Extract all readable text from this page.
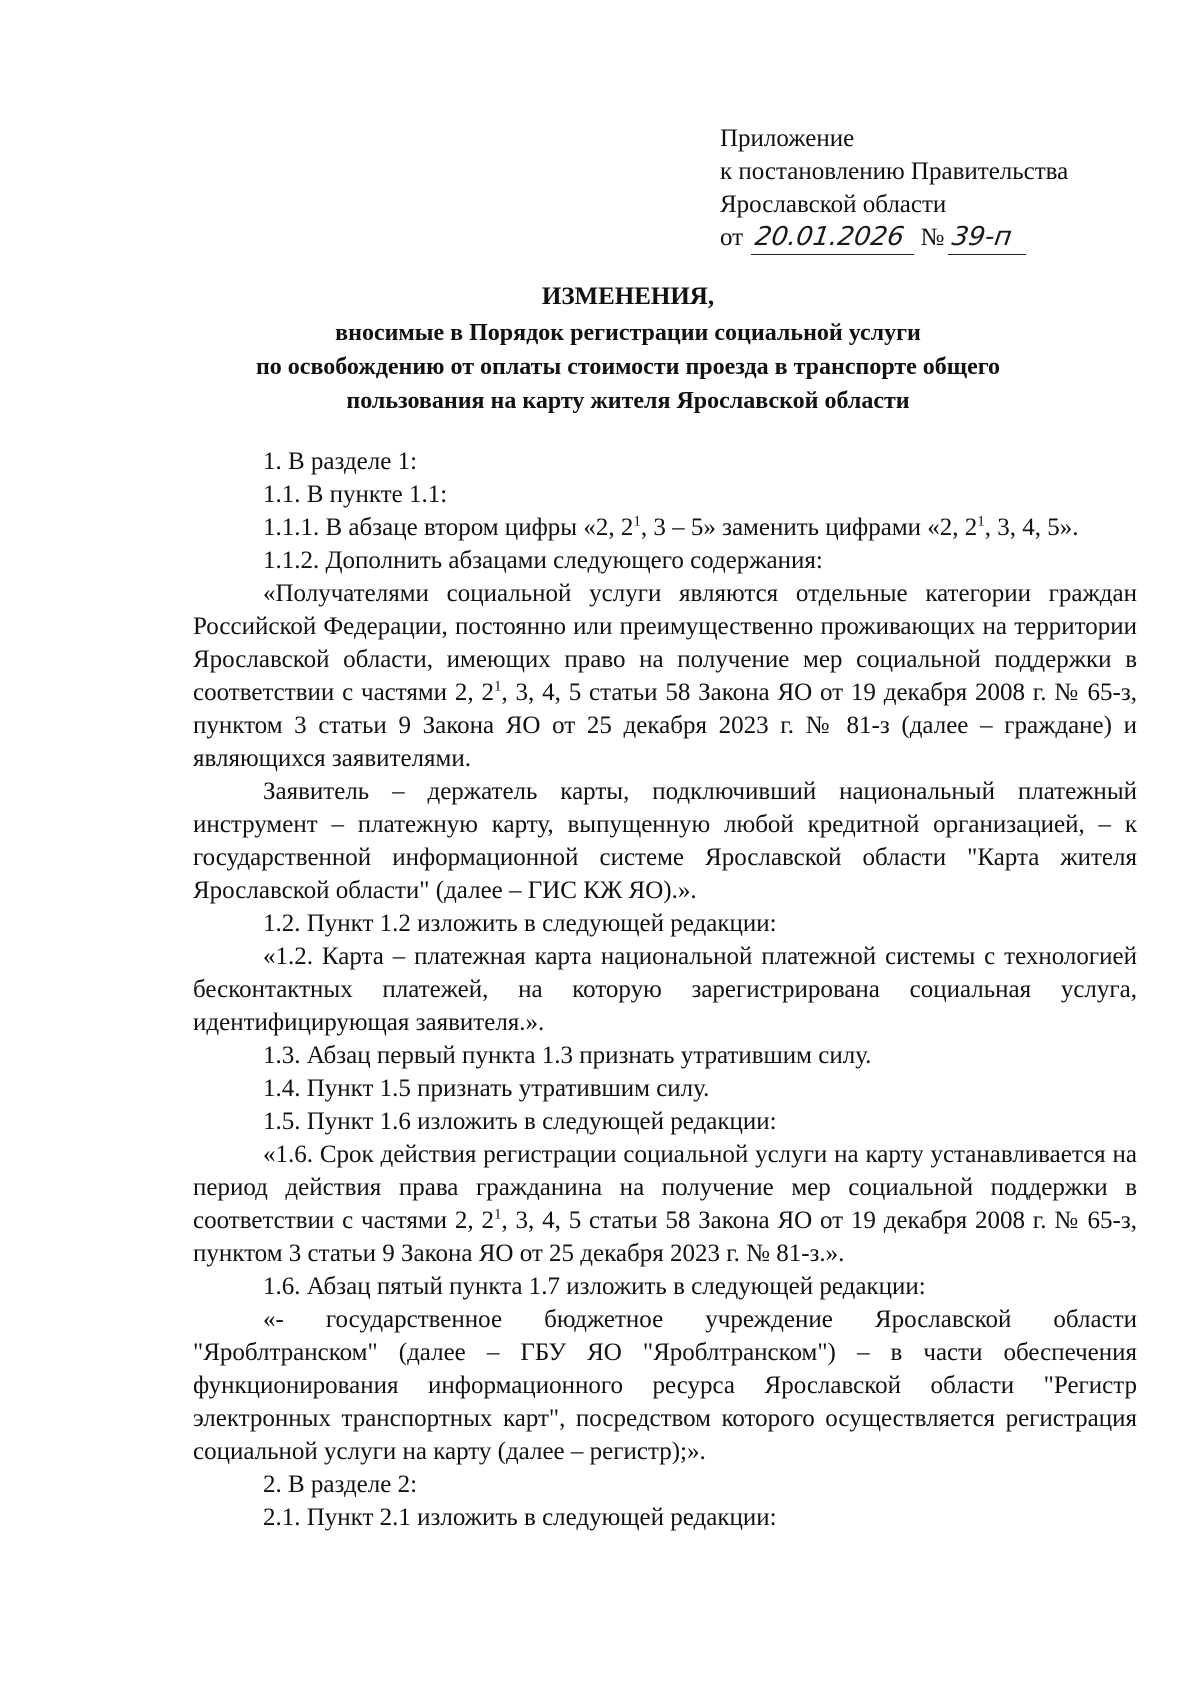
Приложение
к постановлению Правительства
Ярославской области
от 20.01.2026 № 39-п
ИЗМЕНЕНИЯ,
вносимые в Порядок регистрации социальной услуги
по освобождению от оплаты стоимости проезда в транспорте общего
пользования на карту жителя Ярославской области

1. В разделе 1:

1.1. В пункте 1.1:

1.1.1. В абзаце втором цифры «2, $2^1$, 3 – 5» заменить цифрами «2, $2^1$, 3, 4, 5».

1.1.2. Дополнить абзацами следующего содержания:

«Получателями социальной услуги являются отдельные категории граждан Российской Федерации, постоянно или преимущественно проживающих на территории Ярославской области, имеющих право на получение мер социальной поддержки в соответствии с частями 2, $2^1$, 3, 4, 5 статьи 58 Закона ЯО от 19 декабря 2008 г. № 65-з, пунктом 3 статьи 9 Закона ЯО от 25 декабря 2023 г. № 81-з (далее – граждане) и являющихся заявителями.

Заявитель – держатель карты, подключивший национальный платежный инструмент – платежную карту, выпущенную любой кредитной организацией, – к государственной информационной системе Ярославской области "Карта жителя Ярославской области" (далее – ГИС КЖ ЯО).».

1.2. Пункт 1.2 изложить в следующей редакции:

«1.2. Карта – платежная карта национальной платежной системы с технологией бесконтактных платежей, на которую зарегистрирована социальная услуга, идентифицирующая заявителя.».

1.3. Абзац первый пункта 1.3 признать утратившим силу.

1.4. Пункт 1.5 признать утратившим силу.

1.5. Пункт 1.6 изложить в следующей редакции:

«1.6. Срок действия регистрации социальной услуги на карту устанавливается на период действия права гражданина на получение мер социальной поддержки в соответствии с частями 2, $2^1$, 3, 4, 5 статьи 58 Закона ЯО от 19 декабря 2008 г. № 65-з, пунктом 3 статьи 9 Закона ЯО от 25 декабря 2023 г. № 81-з.».

1.6. Абзац пятый пункта 1.7 изложить в следующей редакции:

«- государственное бюджетное учреждение Ярославской области "Яроблтранском" (далее – ГБУ ЯО "Яроблтранском") – в части обеспечения функционирования информационного ресурса Ярославской области "Регистр электронных транспортных карт", посредством которого осуществляется регистрация социальной услуги на карту (далее – регистр);».

2. В разделе 2:

2.1. Пункт 2.1 изложить в следующей редакции:
